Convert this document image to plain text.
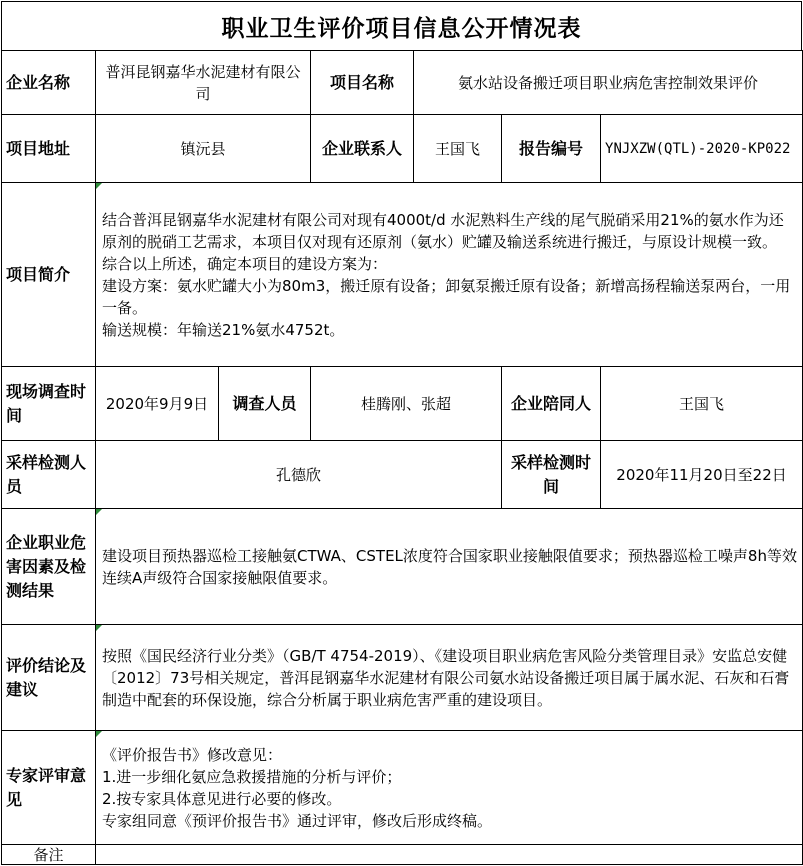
职业卫生评价项目信息公开情况表
企业名称	普洱昆钢嘉华水泥建材有限公司		项目名称	氨水站设备搬迁项目职业病危害控制效果评价		
项目地址	镇沅县		企业联系人	王国飞	报告编号	YNJXZW(QTL)-2020-KP022
项目简介	结合普洱昆钢嘉华水泥建材有限公司对现有4000t/d 水泥熟料生产线的尾气脱硝采用21%的氨水作为还原剂的脱硝工艺需求，本项目仅对现有还原剂（氨水）贮罐及输送系统进行搬迁，与原设计规模一致。

综合以上所述，确定本项目的建设方案为：

建设方案：氨水贮罐大小为80m3，搬迁原有设备；卸氨泵搬迁原有设备；新增高扬程输送泵两台，一用一备。

输送规模：年输送21%氨水4752t。					

现场调查时间	2020年9月9日	调查人员	桂腾刚、张超		企业陪同人	王国飞
采样检测人员	孔德欣				采样检测时间	2020年11月20日至22日
企业职业危害因素及检测结果	建设项目预热器巡检工接触氨CTWA、CSTEL浓度符合国家职业接触限值要求；预热器巡检工噪声8h等效连续A声级符合国家接触限值要求。					
评价结论及建议	按照《国民经济行业分类》（GB/T 4754-2019）、《建设项目职业病危害风险分类管理目录》安监总安健〔2012〕73号相关规定，普洱昆钢嘉华水泥建材有限公司氨水站设备搬迁项目属于属水泥、石灰和石膏制造中配套的环保设施，综合分析属于职业病危害严重的建设项目。					
专家评审意见	《评价报告书》修改意见：

1.进一步细化氨应急救援措施的分析与评价；

2.按专家具体意见进行必要的修改。

专家组同意《预评价报告书》通过评审，修改后形成终稿。					

备注						
